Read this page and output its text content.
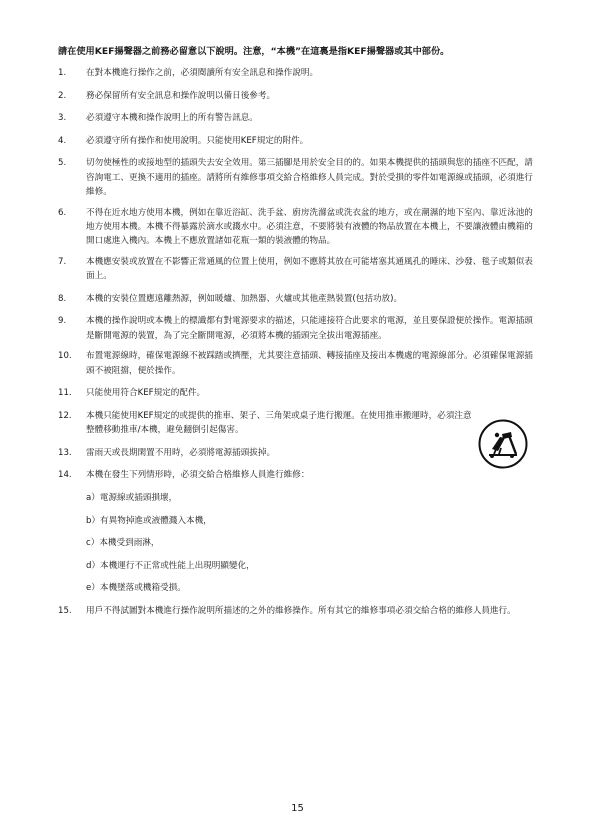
請在使用KEF揚聲器之前務必留意以下說明。注意，“本機”在這裏是指KEF揚聲器或其中部份。
1.	在對本機進行操作之前，必須閱讀所有安全訊息和操作說明。
2.	務必保留所有安全訊息和操作說明以備日後參考。
3.	必須遵守本機和操作說明上的所有警告訊息。
4.	必須遵守所有操作和使用說明。只能使用KEF規定的附件。
5.	切勿使極性的或接地型的插頭失去安全效用。第三插腳是用於安全目的的。如果本機提供的插頭與您的插座不匹配，請咨詢電工、更換不適用的插座。請將所有維修事項交給合格維修人員完成。對於受損的零件如電源線或插頭，必須進行維修。
6.	不得在近水地方使用本機，例如在靠近浴缸、洗手盆、廚房洗滌盆或洗衣盆的地方，或在潮濕的地下室內、靠近泳池的地方使用本機。本機不得暴露於滴水或濺水中。必須注意，不要將裝有液體的物品放置在本機上，不要讓液體由機箱的開口處進入機內。本機上不應放置諸如花瓶一類的裝液體的物品。
7.	本機應安裝或放置在不影響正常通風的位置上使用，例如不應將其放在可能堵塞其通風孔的睡床、沙發、毯子或類似表面上。
8.	本機的安裝位置應遠離熱源，例如暖爐、加熱器、火爐或其他產熱裝置(包括功放)。
9.	本機的操作說明或本機上的標識都有對電源要求的描述，只能連接符合此要求的電源，並且要保證便於操作。電源插頭是斷開電源的裝置，為了完全斷開電源，必須將本機的插頭完全拔出電源插座。
10.	布置電源線時，確保電源線不被踩踏或擠壓，尤其要注意插頭、轉接插座及接出本機處的電源線部分。必須確保電源插頭不被阻擋，便於操作。
11.	只能使用符合KEF規定的配件。
12.	本機只能使用KEF規定的或提供的推車、架子、三角架或桌子進行搬運。在使用推車搬運時，必須注意整體移動推車/本機，避免翻倒引起傷害。
13.	雷雨天或長期閑置不用時，必須將電源插頭拔掉。
14.	本機在發生下列情形時，必須交給合格維修人員進行維修：
a）電源線或插頭損壞，
b）有異物掉進或液體濺入本機，
c）本機受到雨淋，
d）本機運行不正常或性能上出現明顯變化，
e）本機墜落或機箱受損。
15.	用戶不得試圖對本機進行操作說明所描述的之外的維修操作。所有其它的維修事項必須交給合格的維修人員進行。
15
